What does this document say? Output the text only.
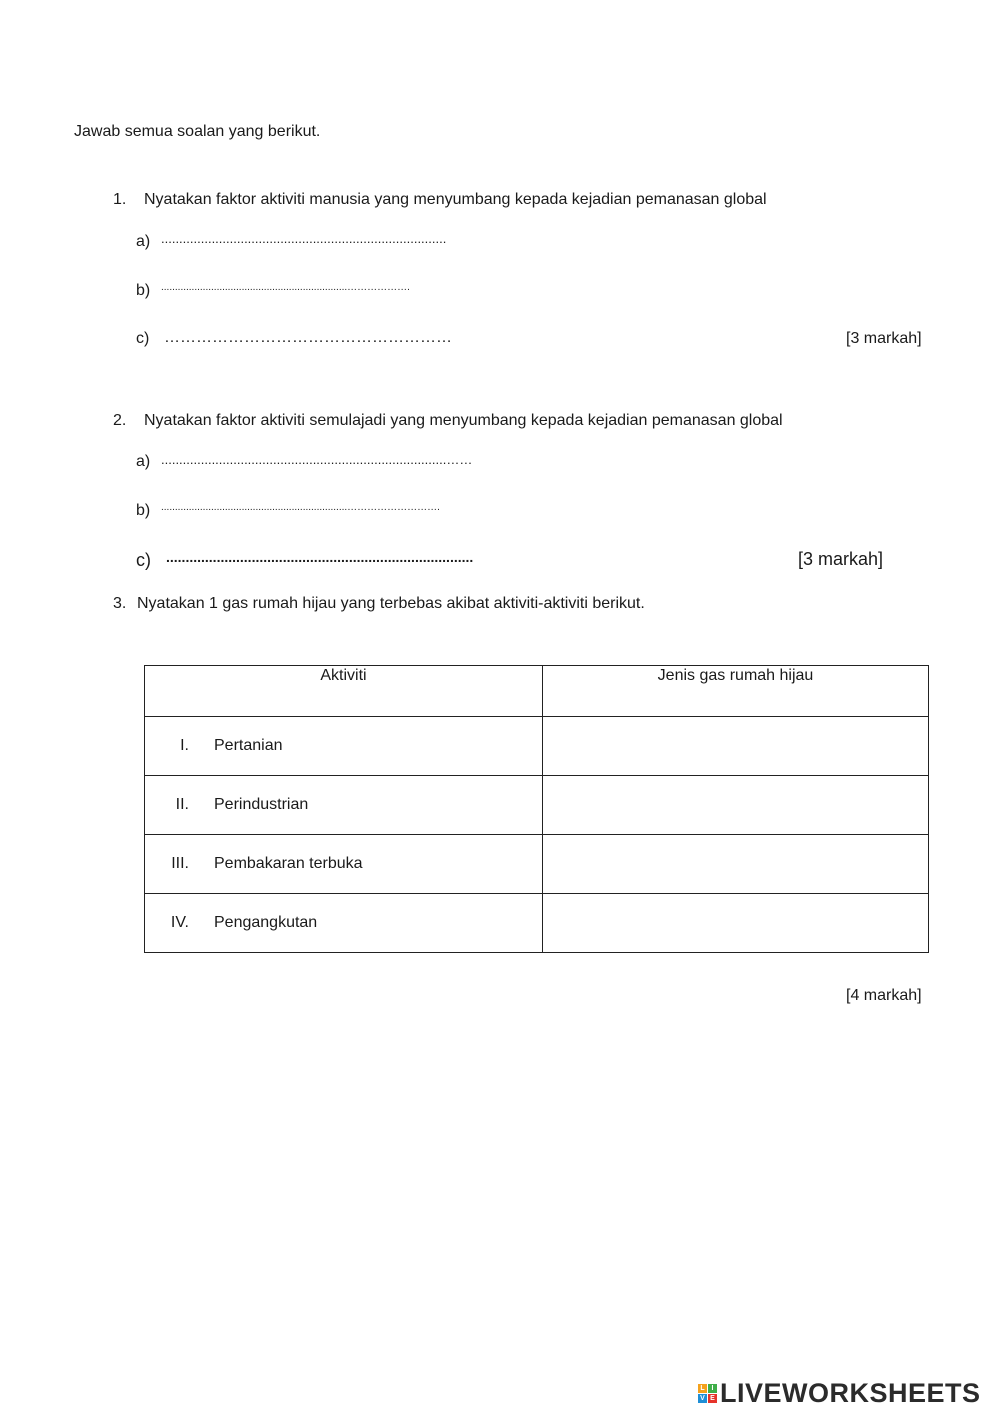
Jawab semua soalan yang berikut.
1. Nyatakan faktor aktiviti manusia yang menyumbang kepada kejadian pemanasan global
a) ...............................................................................
b) ...................................................................……………….
c) ………………………………………………	[3 markah]
2. Nyatakan faktor aktiviti semulajadi yang menyumbang kepada kejadian pemanasan global
a) ...............................................................................……
b) ...................................................................……………………….
c) ...............................................................................	[3 markah]
3. Nyatakan 1 gas rumah hijau yang terbebas akibat aktiviti-aktiviti berikut.
Aktiviti	Jenis gas rumah hijau
I. Pertanian	
II. Perindustrian	
III. Pembakaran terbuka	
IV. Pengangkutan	
[4 markah]
L I
V E LIVEWORKSHEETS
